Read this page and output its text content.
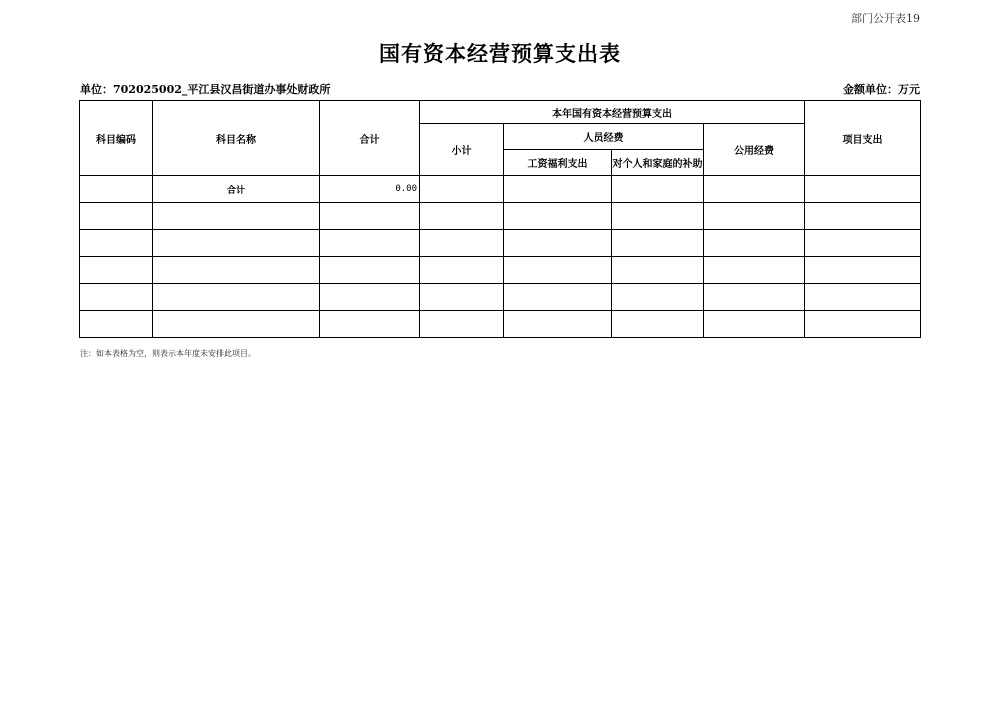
部门公开表19
国有资本经营预算支出表
单位：702025002_平江县汉昌街道办事处财政所	金额单位：万元
科目编码	科目名称	合计	本年国有资本经营预算支出				项目支出
			小计	人员经费		公用经费	
				工资福利支出	对个人和家庭的补助		
	合计	0.00					

注：如本表格为空，则表示本年度未安排此项目。
